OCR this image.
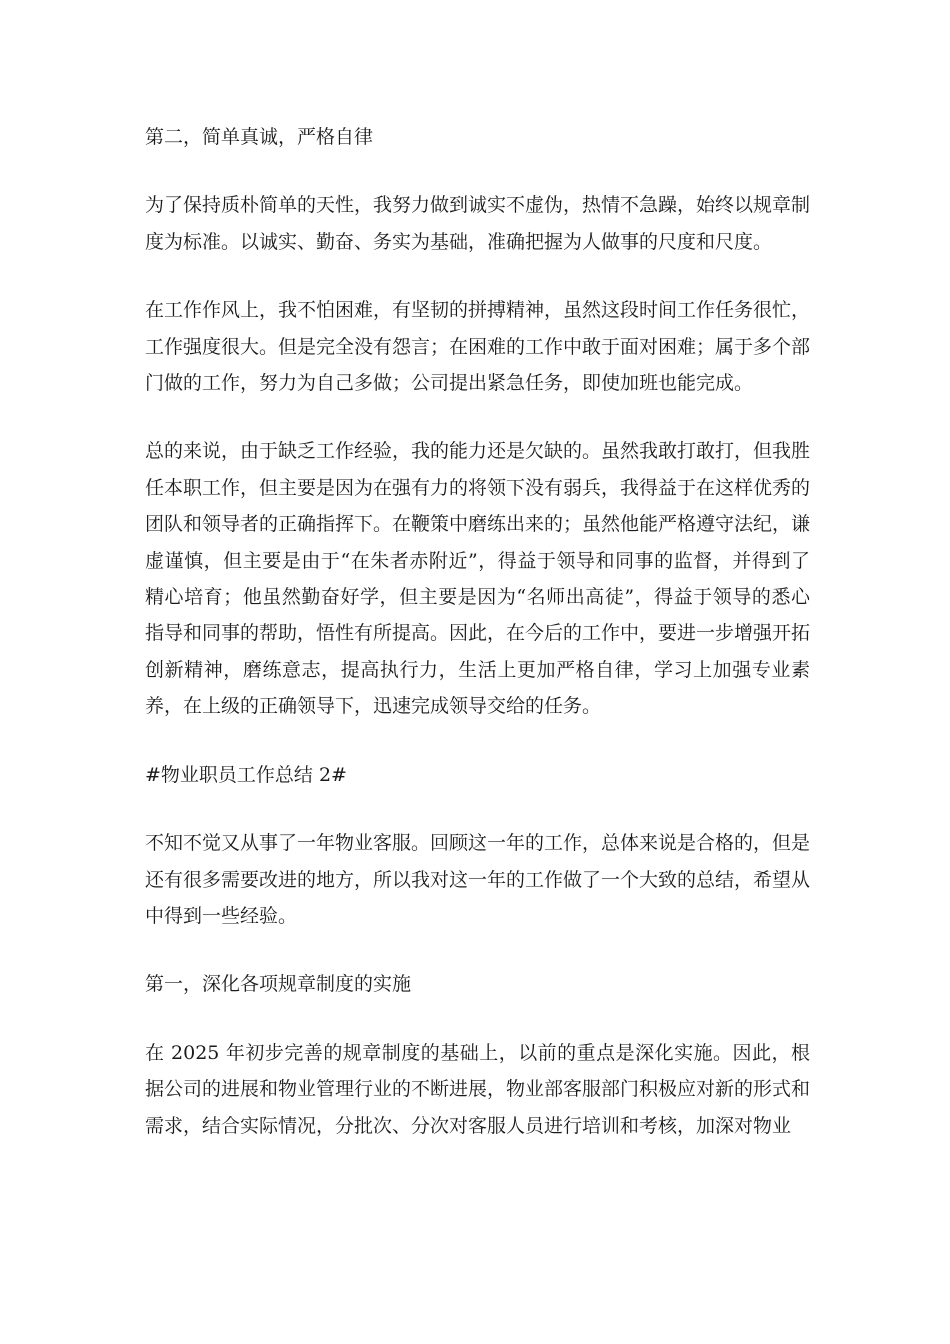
第二，简单真诚，严格自律

为了保持质朴简单的天性，我努力做到诚实不虚伪，热情不急躁，始终以规章制度为标准。以诚实、勤奋、务实为基础，准确把握为人做事的尺度和尺度。

在工作作风上，我不怕困难，有坚韧的拼搏精神，虽然这段时间工作任务很忙，工作强度很大。但是完全没有怨言；在困难的工作中敢于面对困难；属于多个部门做的工作，努力为自己多做；公司提出紧急任务，即使加班也能完成。

总的来说，由于缺乏工作经验，我的能力还是欠缺的。虽然我敢打敢打，但我胜任本职工作，但主要是因为在强有力的将领下没有弱兵，我得益于在这样优秀的团队和领导者的正确指挥下。在鞭策中磨练出来的；虽然他能严格遵守法纪，谦虚谨慎，但主要是由于“在朱者赤附近”，得益于领导和同事的监督，并得到了精心培育；他虽然勤奋好学，但主要是因为“名师出高徒”，得益于领导的悉心指导和同事的帮助，悟性有所提高。因此，在今后的工作中，要进一步增强开拓创新精神，磨练意志，提高执行力，生活上更加严格自律，学习上加强专业素养，在上级的正确领导下，迅速完成领导交给的任务。

#物业职员工作总结 2#

不知不觉又从事了一年物业客服。回顾这一年的工作，总体来说是合格的，但是还有很多需要改进的地方，所以我对这一年的工作做了一个大致的总结，希望从中得到一些经验。

第一，深化各项规章制度的实施

在 2025 年初步完善的规章制度的基础上，以前的重点是深化实施。因此，根据公司的进展和物业管理行业的不断进展，物业部客服部门积极应对新的形式和需求，结合实际情况，分批次、分次对客服人员进行培训和考核，加深对物业
